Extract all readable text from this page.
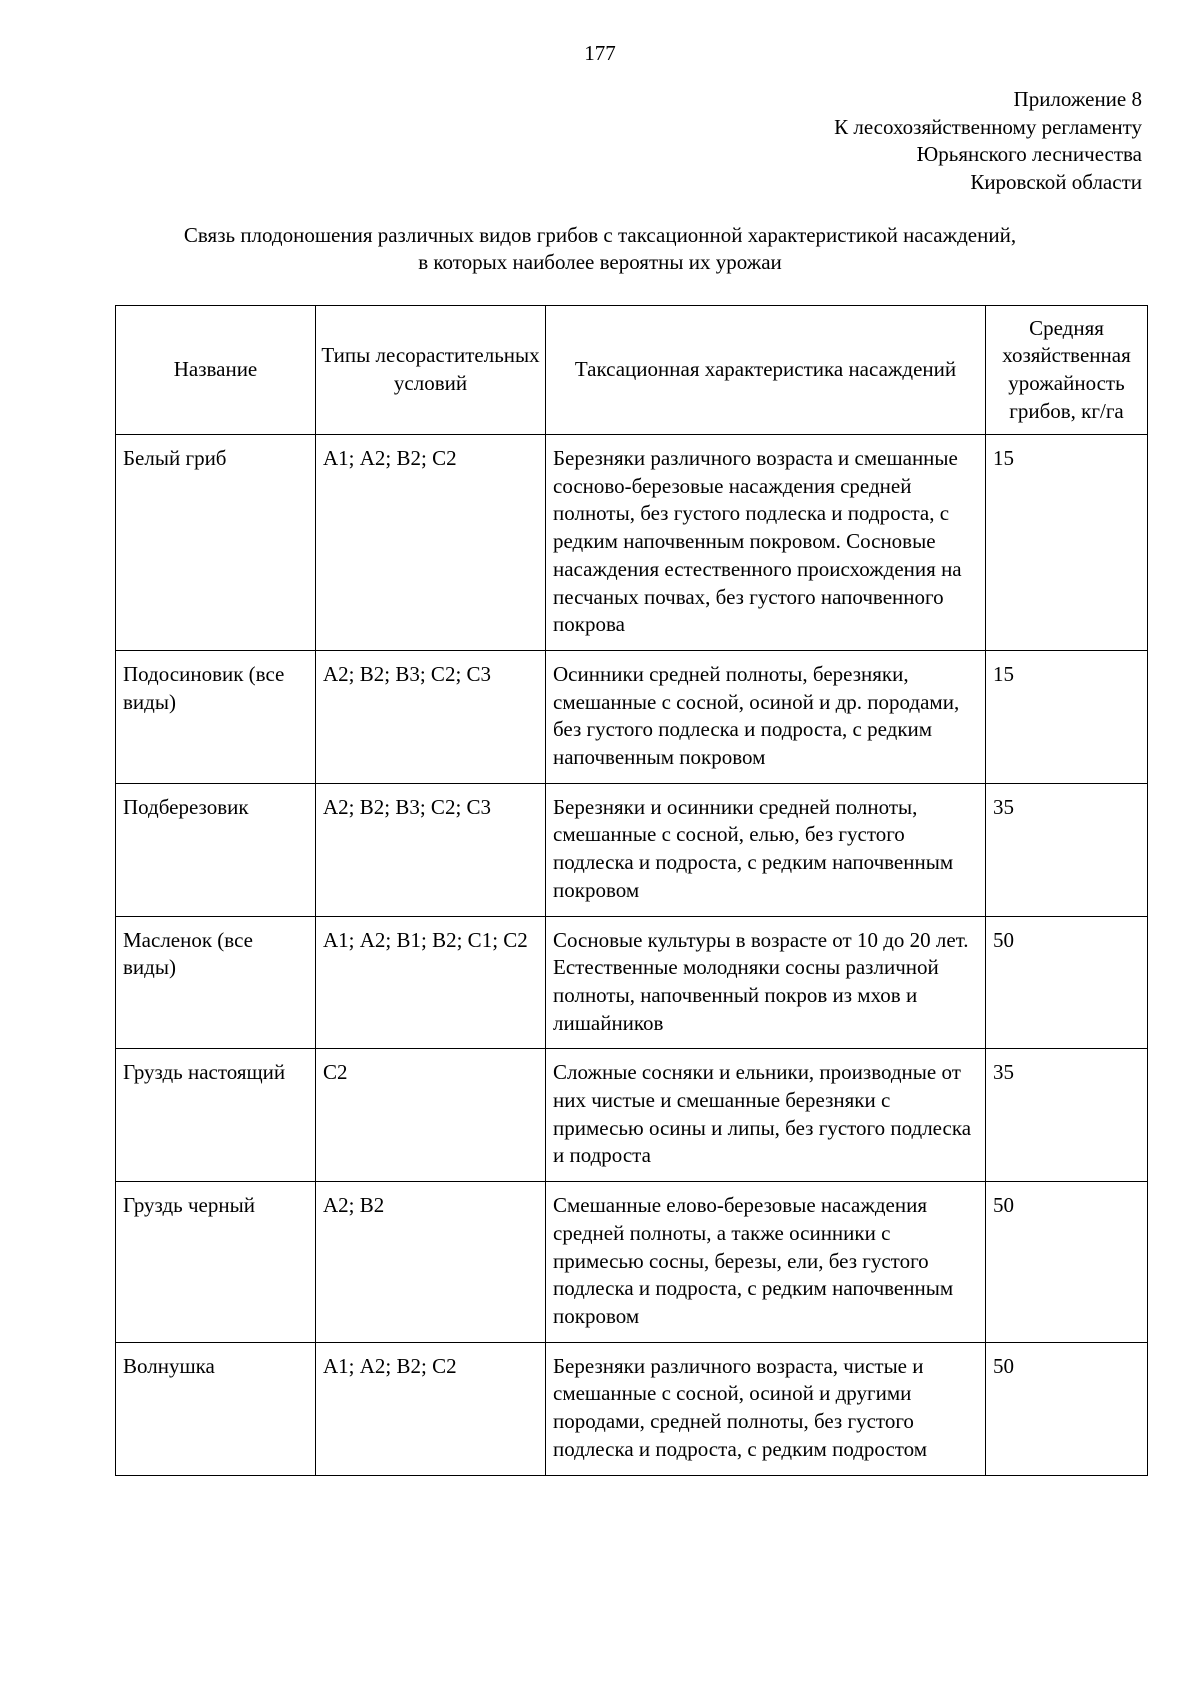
177
Приложение 8
К лесохозяйственному регламенту
Юрьянского лесничества
Кировской области
Связь плодоношения различных видов грибов с таксационной характеристикой насаждений,
в которых наиболее вероятны их урожаи
Название	Типы лесорастительных условий	Таксационная характеристика насаждений	Средняя хозяйственная урожайность грибов, кг/га
Белый гриб	А1; А2; В2; С2	Березняки различного возраста и смешанные сосново-березовые насаждения средней полноты, без густого подлеска и подроста, с редким напочвенным покровом. Сосновые насаждения естественного происхождения на песчаных почвах, без густого напочвенного покрова	15
Подосиновик (все виды)	А2; В2; В3; С2; С3	Осинники средней полноты, березняки, смешанные с сосной, осиной и др. породами, без густого подлеска и подроста, с редким напочвенным покровом	15
Подберезовик	А2; В2; В3; С2; С3	Березняки и осинники средней полноты, смешанные с сосной, елью, без густого подлеска и подроста, с редким напочвенным покровом	35
Масленок (все виды)	А1; А2; В1; В2; С1; С2	Сосновые культуры в возрасте от 10 до 20 лет. Естественные молодняки сосны различной полноты, напочвенный покров из мхов и лишайников	50
Груздь настоящий	С2	Сложные сосняки и ельники, производные от них чистые и смешанные березняки с примесью осины и липы, без густого подлеска и подроста	35
Груздь черный	А2; В2	Смешанные елово-березовые насаждения средней полноты, а также осинники с примесью сосны, березы, ели, без густого подлеска и подроста, с редким напочвенным покровом	50
Волнушка	А1; А2; В2; С2	Березняки различного возраста, чистые и смешанные с сосной, осиной и другими породами, средней полноты, без густого подлеска и подроста, с редким подростом	50
